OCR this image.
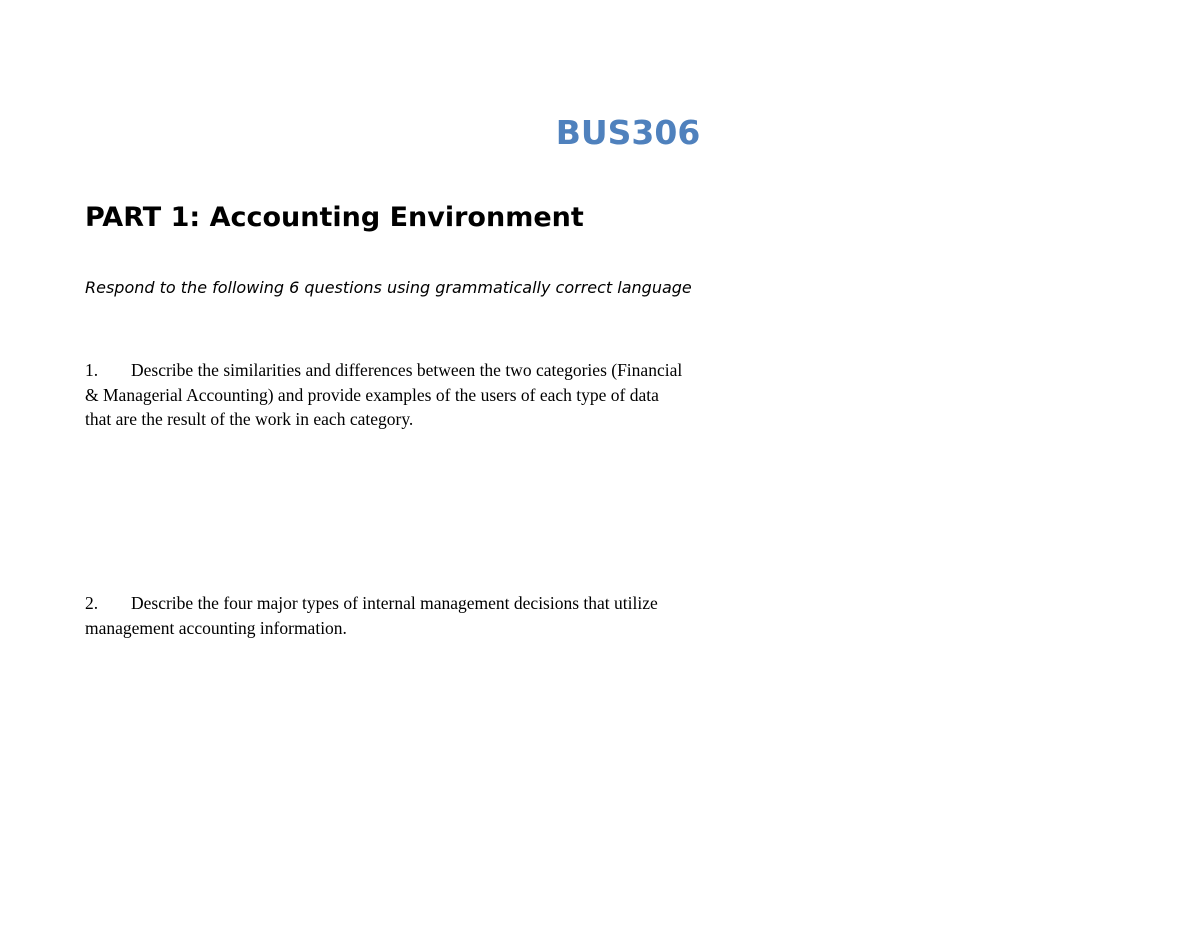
BUS306
PART 1: Accounting Environment
Respond to the following 6 questions using grammatically correct language
1. Describe the similarities and differences between the two categories (Financial & Managerial Accounting) and provide examples of the users of each type of data that are the result of the work in each category.
2. Describe the four major types of internal management decisions that utilize management accounting information.
